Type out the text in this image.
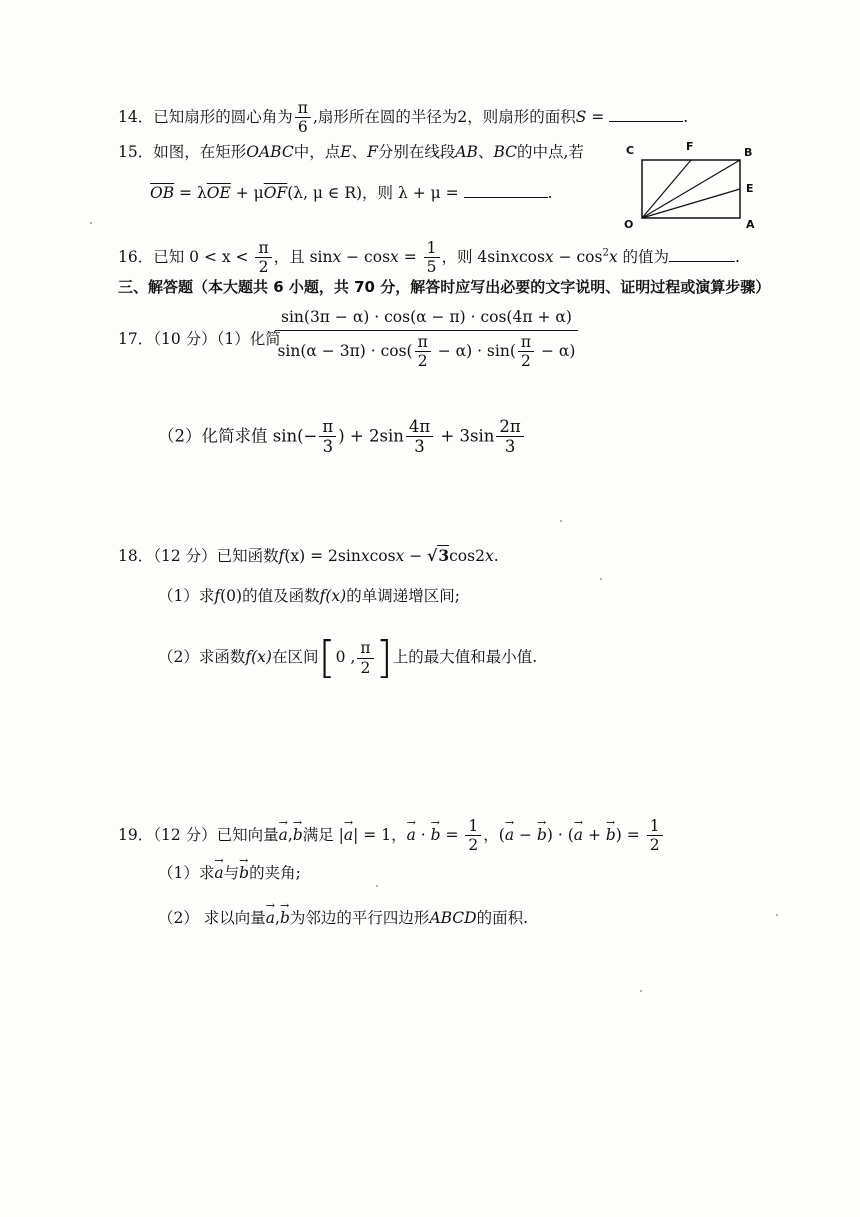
14．已知扇形的圆心角为 $\frac{\pi}{6}$ ,扇形所在圆的半径为2，则扇形的面积S =	.
15．如图，在矩形OABC中，点E、F分别在线段AB、BC的中点,若
$\overline{OB} = \lambda\overline{OE} + \mu\overline{OF}(\lambda$, μ ∈ R)，则 λ + μ =	.
C	F	B
E
O	A
16．已知 $0 < x < \frac{\pi}{2}$ ，且 $\sin x - \cos x = \frac{1}{5}$ ，则 4sinxcosx − $\cos^2x$ 的值为	.
三、解答题（本大题共 6 小题，共 70 分，解答时应写出必要的文字说明、证明过程或演算步骤）
17．（10 分）（1）化简
$\frac{\sin(3\pi - \alpha) \cdot \cos(\alpha - \pi) \cdot \cos(4\pi + \alpha)}{\sin(\alpha - 3\pi) \cdot \cos( \frac{\pi}{2} - \alpha) \cdot \sin( \frac{\pi}{2} - \alpha)}$
（2）化简求值 $\sin(- \frac{\pi}{3}$ ) + $2\sin \frac{4\pi}{3} + 3\sin \frac{2\pi}{3}$
18．（12 分）已知函数f(x) = 2sinxcosx − √3cos2x.
（1）求f(0)的值及函数f(x)的单调递增区间;
（2）求函数f(x)在区间[0 , $\frac{\pi}{2}$ ]上的最大值和最小值.
19．（12 分）已知向量→ a,→ b满足 |→ a| = 1，→ a · → $b = \frac{1}{2}$ ，(→ a − → b) · (→ a + → $b) = \frac{1}{2}$
（1）求→ a与→ b的夹角;
（2） 求以向量→ a,→ b为邻边的平行四边形ABCD的面积.
